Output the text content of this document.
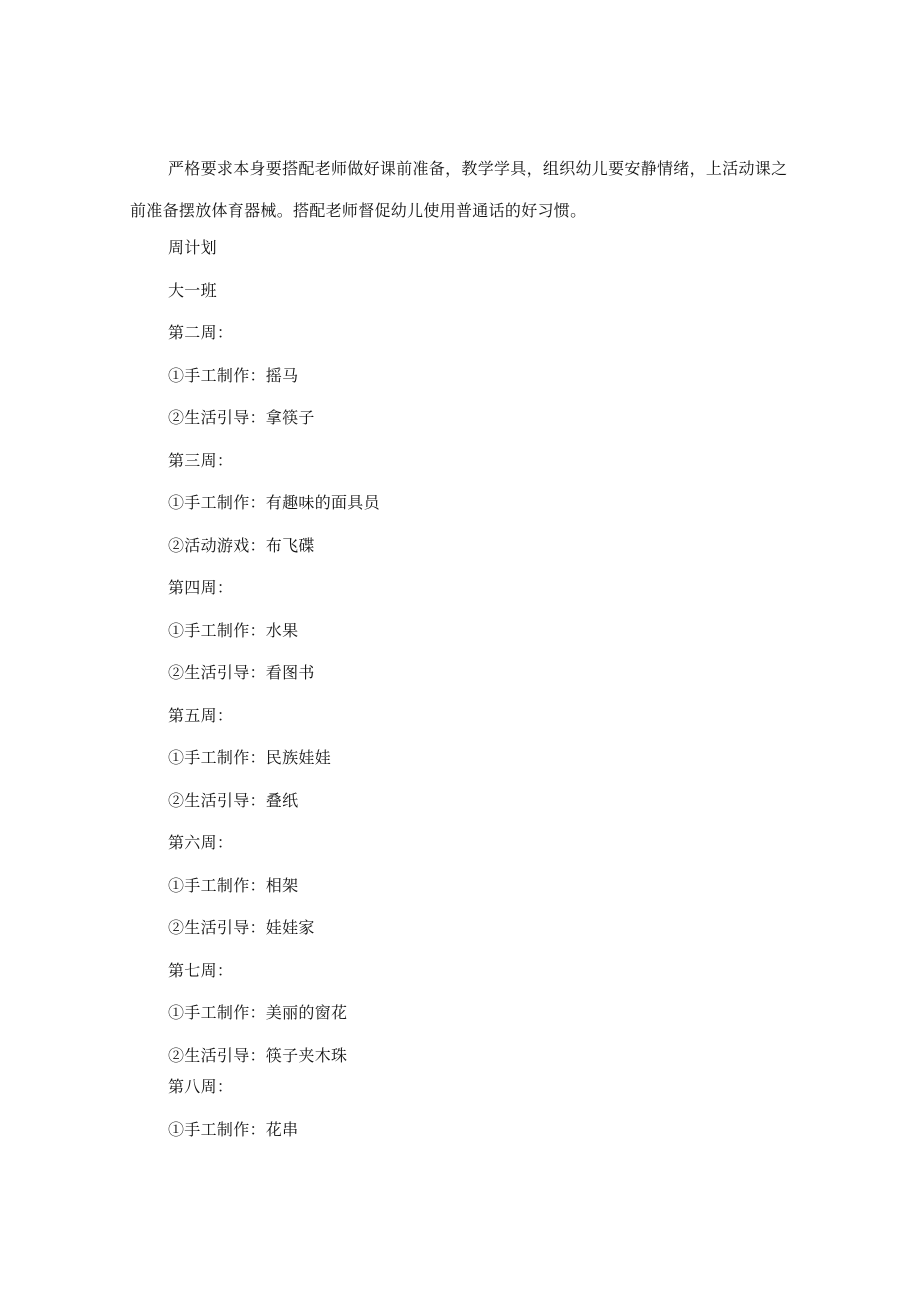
严格要求本身要搭配老师做好课前准备，教学学具，组织幼儿要安静情绪，上活动课之前准备摆放体育器械。搭配老师督促幼儿使用普通话的好习惯。
周计划
大一班
第二周：
①手工制作：摇马
②生活引导：拿筷子
第三周：
①手工制作：有趣味的面具员
②活动游戏：布飞碟
第四周：
①手工制作：水果
②生活引导：看图书
第五周：
①手工制作：民族娃娃
②生活引导：叠纸
第六周：
①手工制作：相架
②生活引导：娃娃家
第七周：
①手工制作：美丽的窗花
②生活引导：筷子夹木珠
第八周：
①手工制作：花串
